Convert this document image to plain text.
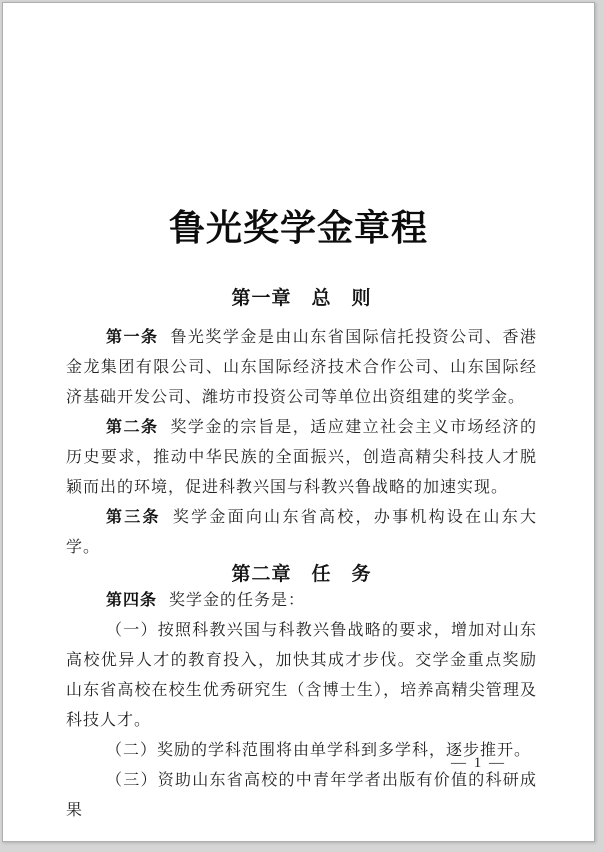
鲁光奖学金章程
第一章　总　则

第一条 鲁光奖学金是由山东省国际信托投资公司、香港金龙集团有限公司、山东国际经济技术合作公司、山东国际经济基础开发公司、潍坊市投资公司等单位出资组建的奖学金。

第二条 奖学金的宗旨是，适应建立社会主义市场经济的历史要求，推动中华民族的全面振兴，创造高精尖科技人才脱颖而出的环境，促进科教兴国与科教兴鲁战略的加速实现。

第三条 奖学金面向山东省高校，办事机构设在山东大学。

第二章　任　务

第四条 奖学金的任务是：

（一）按照科教兴国与科教兴鲁战略的要求，增加对山东高校优异人才的教育投入，加快其成才步伐。交学金重点奖励山东省高校在校生优秀研究生（含博士生），培养高精尖管理及科技人才。

（二）奖励的学科范围将由单学科到多学科，逐步推开。

（三）资助山东省高校的中青年学者出版有价值的科研成果

— 1 —
